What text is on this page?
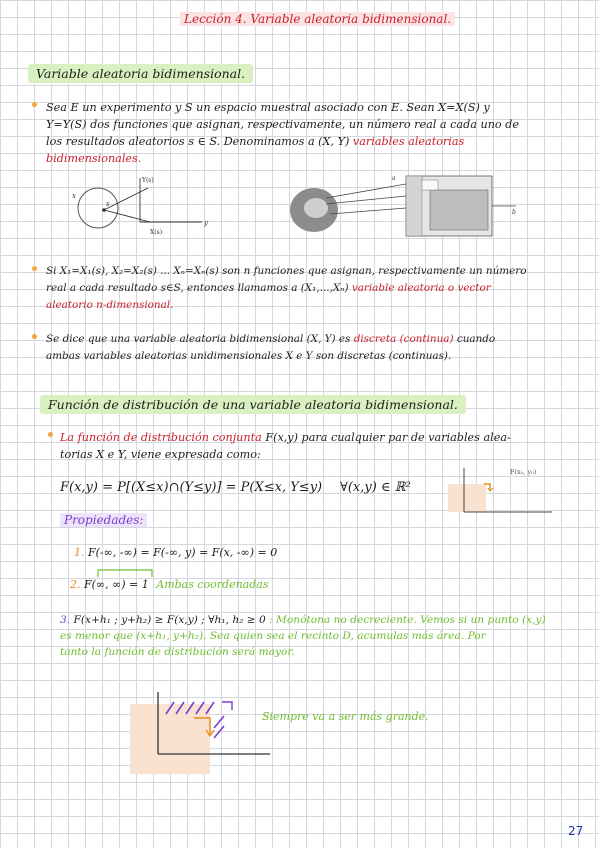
Lección 4. Variable aleatoria bidimensional.
Variable aleatoria bidimensional.
• Sea E un experimento y S un espacio muestral asociado con E. Sean X=X(S) y
Y=Y(S) dos funciones que asignan, respectivamente, un número real a cada uno de
los resultados aleatorios s ∈ S. Denominamos a (X, Y) variables aleatorias
bidimensionales.
s
x
y
X(s)
Y(s)	a
b
• Si X₁=X₁(s), X₂=X₂(s) ... Xₙ=Xₙ(s) son n funciones que asignan, respectivamente un número
real a cada resultado s∈S, entonces llamamos a (X₁,...,Xₙ) variable aleatoria o vector
aleatorio n-dimensional.
• Se dice que una variable aleatoria bidimensional (X, Y) es discreta (continua) cuando
ambas variables aleatorias unidimensionales X e Y son discretas (continuas).
Función de distribución de una variable aleatoria bidimensional.
• La función de distribución conjunta F(x,y) para cualquier par de variables alea-
torias X e Y, viene expresada como:
F(x,y) = P[(X≤x)∩(Y≤y)] = P(X≤x, Y≤y) ∀(x,y) ∈ ℝ²
F(x₀, y₀)
Propiedades:
1. F(-∞, -∞) = F(-∞, y) = F(x, -∞) = 0
2. F(∞, ∞) = 1 Ambas coordenadas
3. F(x+h₁ ; y+h₂) ≥ F(x,y) ; ∀h₁, h₂ ≥ 0 : Monótona no decreciente. Vemos si un punto (x,y)
es menor que (x+h₁, y+h₂). Sea quien sea el recinto D, acumulas más área. Por
tanto la función de distribución será mayor.
Siempre va a ser más grande.
27
